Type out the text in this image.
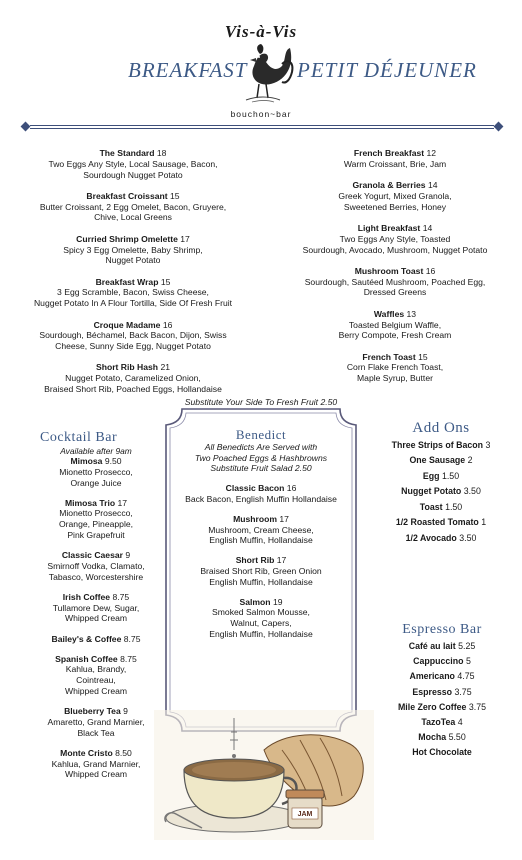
Vis-à-Vis
BREAKFAST PETIT DÉJEUNER
bouchon~bar
The Standard 18
Two Eggs Any Style, Local Sausage, Bacon,
Sourdough Nugget Potato
Breakfast Croissant 15
Butter Croissant, 2 Egg Omelet, Bacon, Gruyere,
Chive, Local Greens
Curried Shrimp Omelette 17
Spicy 3 Egg Omelette, Baby Shrimp,
Nugget Potato
Breakfast Wrap 15
3 Egg Scramble, Bacon, Swiss Cheese,
Nugget Potato In A Flour Tortilla, Side Of Fresh Fruit
Croque Madame 16
Sourdough, Béchamel, Back Bacon, Dijon, Swiss
Cheese, Sunny Side Egg, Nugget Potato
Short Rib Hash 21
Nugget Potato, Caramelized Onion,
Braised Short Rib, Poached Eggs, Hollandaise
French Breakfast 12
Warm Croissant, Brie, Jam
Granola & Berries 14
Greek Yogurt, Mixed Granola,
Sweetened Berries, Honey
Light Breakfast 14
Two Eggs Any Style, Toasted
Sourdough, Avocado, Mushroom, Nugget Potato
Mushroom Toast 16
Sourdough, Sautéed Mushroom, Poached Egg,
Dressed Greens
Waffles 13
Toasted Belgium Waffle,
Berry Compote, Fresh Cream
French Toast 15
Corn Flake French Toast,
Maple Syrup, Butter
Substitute Your Side To Fresh Fruit 2.50
Cocktail Bar
Available after 9am
Mimosa 9.50
Mionetto Prosecco,
Orange Juice
Mimosa Trio 17
Mionetto Prosecco,
Orange, Pineapple,
Pink Grapefruit
Classic Caesar 9
Smirnoff Vodka, Clamato,
Tabasco, Worcestershire
Irish Coffee 8.75
Tullamore Dew, Sugar,
Whipped Cream
Bailey's & Coffee 8.75
Spanish Coffee 8.75
Kahlua, Brandy,
Cointreau,
Whipped Cream
Blueberry Tea 9
Amaretto, Grand Marnier,
Black Tea
Monte Cristo 8.50
Kahlua, Grand Marnier,
Whipped Cream
Benedict
All Benedicts Are Served with
Two Poached Eggs & Hashbrowns
Substitute Fruit Salad 2.50
Classic Bacon 16
Back Bacon, English Muffin Hollandaise
Mushroom 17
Mushroom, Cream Cheese,
English Muffin, Hollandaise
Short Rib 17
Braised Short Rib, Green Onion
English Muffin, Hollandaise
Salmon 19
Smoked Salmon Mousse,
Walnut, Capers,
English Muffin, Hollandaise
Add Ons
Three Strips of Bacon 3
One Sausage 2
Egg 1.50
Nugget Potato 3.50
Toast 1.50
1/2 Roasted Tomato 1
1/2 Avocado 3.50
Espresso Bar
Café au lait 5.25
Cappuccino 5
Americano 4.75
Espresso 3.75
Mile Zero Coffee 3.75
TazoTea 4
Mocha 5.50
Hot Chocolate
JAM
